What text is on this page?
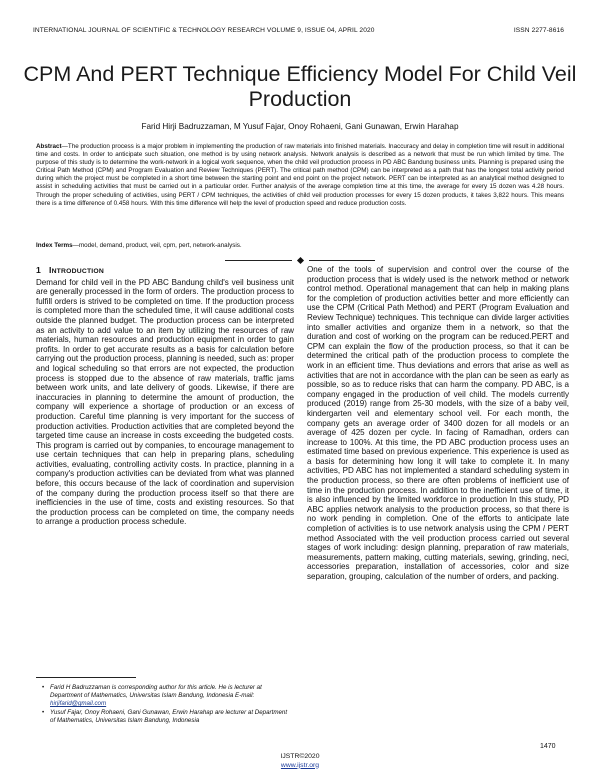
INTERNATIONAL JOURNAL OF SCIENTIFIC & TECHNOLOGY RESEARCH VOLUME 9, ISSUE 04, APRIL 2020	ISSN 2277-8616
CPM And PERT Technique Efficiency Model For Child Veil Production
Farid Hirji Badruzzaman, M Yusuf Fajar, Onoy Rohaeni, Gani Gunawan, Erwin Harahap
Abstract—The production process is a major problem in implementing the production of raw materials into finished materials. Inaccuracy and delay in completion time will result in additional time and costs. In order to anticipate such situation, one method is by using network analysis. Network analysis is described as a network that must be run which limited by time. The purpose of this study is to determine the work-network in a logical work sequence, when the child veil production process in PD ABC Bandung business units. Planning is prepared using the Critical Path Method (CPM) and Program Evaluation and Review Techniques (PERT). The critical path method (CPM) can be interpreted as a path that has the longest total activity period during which the project must be completed in a short time between the starting point and end point on the project network. PERT can be interpreted as an analytical method designed to assist in scheduling activities that must be carried out in a particular order. Further analysis of the average completion time at this time, the average for every 15 dozen was 4.28 hours. Through the proper scheduling of activities, using PERT / CPM techniques, the activities of child veil production processes for every 15 dozen products, it takes 3,822 hours. This means there is a time difference of 0.458 hours. With this time difference will help the level of production speed and reduce production costs.
Index Terms—model, demand, product, veil, cpm, pert, network-analysis.
1 INTRODUCTION

Demand for child veil in the PD ABC Bandung child's veil business unit are generally processed in the form of orders. The production process to fulfill orders is strived to be completed on time. If the production process is completed more than the scheduled time, it will cause additional costs outside the planned budget. The production process can be interpreted as an activity to add value to an item by utilizing the resources of raw materials, human resources and production equipment in order to gain profits. In order to get accurate results as a basis for calculation before carrying out the production process, planning is needed, such as: proper and logical scheduling so that errors are not expected, the production process is stopped due to the absence of raw materials, traffic jams between work units, and late delivery of goods. Likewise, if there are inaccuracies in planning to determine the amount of production, the company will experience a shortage of production or an excess of production. Careful time planning is very important for the success of production activities. Production activities that are completed beyond the targeted time cause an increase in costs exceeding the budgeted costs. This program is carried out by companies, to encourage management to use certain techniques that can help in preparing plans, scheduling activities, evaluating, controlling activity costs. In practice, planning in a company's production activities can be deviated from what was planned before, this occurs because of the lack of coordination and supervision of the company during the production process itself so that there are inefficiencies in the use of time, costs and existing resources. So that the production process can be completed on time, the company needs to arrange a production process schedule.

One of the tools of supervision and control over the course of the production process that is widely used is the network method or network control method. Operational management that can help in making plans for the completion of production activities better and more efficiently can use the CPM (Critical Path Method) and PERT (Program Evaluation and Review Technique) techniques. This technique can divide larger activities into smaller activities and organize them in a network, so that the duration and cost of working on the program can be reduced.PERT and CPM can explain the flow of the production process, so that it can be determined the critical path of the production process to complete the work in an efficient time. Thus deviations and errors that arise as well as activities that are not in accordance with the plan can be seen as early as possible, so as to reduce risks that can harm the company. PD ABC, is a company engaged in the production of veil child. The models currently produced (2019) range from 25-30 models, with the size of a baby veil, kindergarten veil and elementary school veil. For each month, the company gets an average order of 3400 dozen for all models or an average of 425 dozen per cycle. In facing of Ramadhan, orders can increase to 100%. At this time, the PD ABC production process uses an estimated time based on previous experience. This experience is used as a basis for determining how long it will take to complete it. In many activities, PD ABC has not implemented a standard scheduling system in the production process, so there are often problems of inefficient use of time in the production process. In addition to the inefficient use of time, it is also influenced by the limited workforce in production In this study, PD ABC applies network analysis to the production process, so that there is no work pending in completion. One of the efforts to anticipate late completion of activities is to use network analysis using the CPM / PERT method Associated with the veil production process carried out several stages of work including: design planning, preparation of raw materials, measurements, pattern making, cutting materials, sewing, grinding, neci, accessories preparation, installation of accessories, color and size separation, grouping, calculation of the number of orders, and packing.

• Farid H Badruzzaman is corresponding author for this article. He is lecturer at Department of Mathematics, Universitas Islam Bandung, Indonesia E-mail: hirjifarid@gmail.com
• Yusuf Fajar, Onoy Rohaeni, Gani Gunawan, Erwin Harahap are lecturer at Department of Mathematics, Universitas Islam Bandung, Indonesia
1470
IJSTR©2020
www.ijstr.org
